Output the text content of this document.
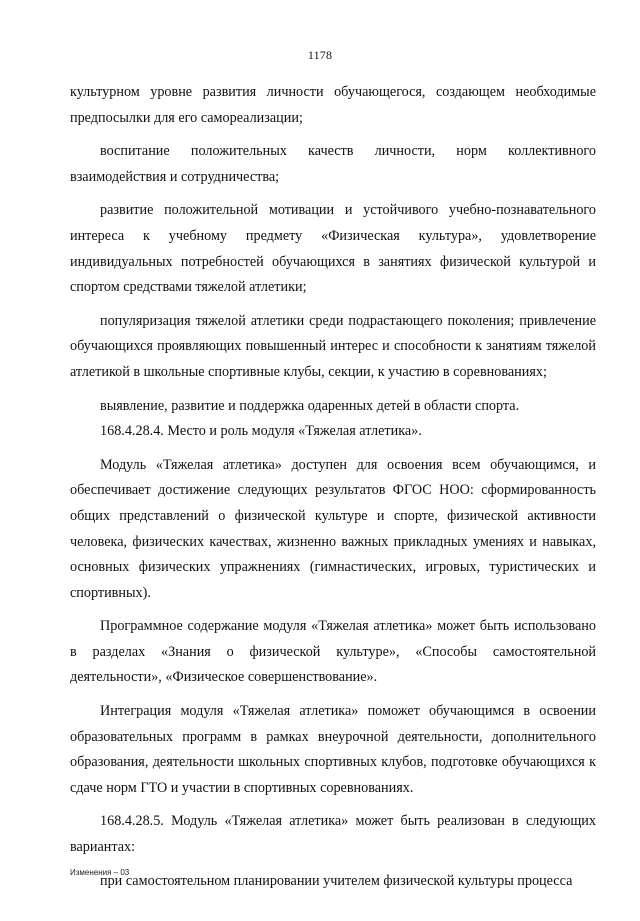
1178

культурном уровне развития личности обучающегося, создающем необходимые предпосылки для его самореализации;

воспитание положительных качеств личности, норм коллективного взаимодействия и сотрудничества;

развитие положительной мотивации и устойчивого учебно-познавательного интереса к учебному предмету «Физическая культура», удовлетворение индивидуальных потребностей обучающихся в занятиях физической культурой и спортом средствами тяжелой атлетики;

популяризация тяжелой атлетики среди подрастающего поколения; привлечение обучающихся проявляющих повышенный интерес и способности к занятиям тяжелой атлетикой в школьные спортивные клубы, секции, к участию в соревнованиях;

выявление, развитие и поддержка одаренных детей в области спорта.

168.4.28.4. Место и роль модуля «Тяжелая атлетика».

Модуль «Тяжелая атлетика» доступен для освоения всем обучающимся, и обеспечивает достижение следующих результатов ФГОС НОО: сформированность общих представлений о физической культуре и спорте, физической активности человека, физических качествах, жизненно важных прикладных умениях и навыках, основных физических упражнениях (гимнастических, игровых, туристических и спортивных).

Программное содержание модуля «Тяжелая атлетика» может быть использовано в разделах «Знания о физической культуре», «Способы самостоятельной деятельности», «Физическое совершенствование».

Интеграция модуля «Тяжелая атлетика» поможет обучающимся в освоении образовательных программ в рамках внеурочной деятельности, дополнительного образования, деятельности школьных спортивных клубов, подготовке обучающихся к сдаче норм ГТО и участии в спортивных соревнованиях.

168.4.28.5. Модуль «Тяжелая атлетика» может быть реализован в следующих вариантах:

при самостоятельном планировании учителем физической культуры процесса

Изменения – 03
